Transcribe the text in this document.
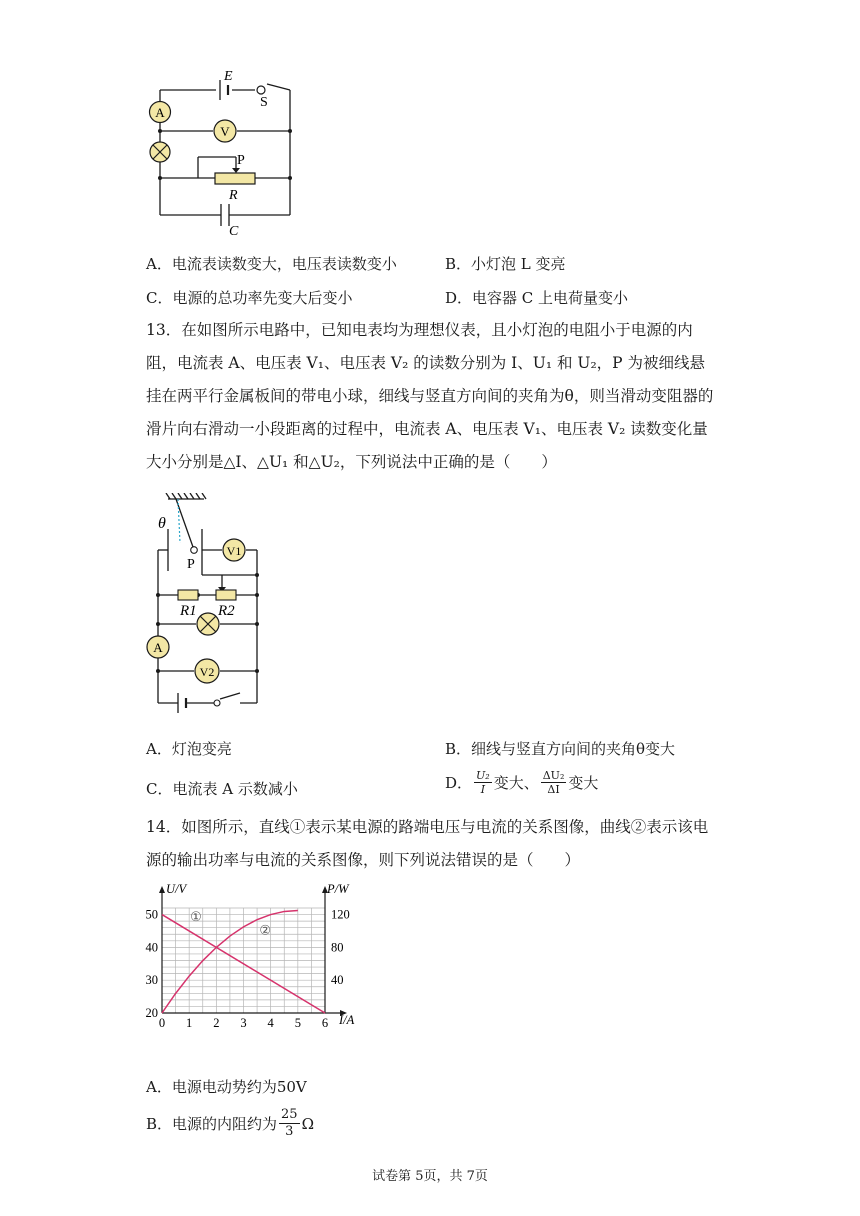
A
V
E
S
P
R
C
A．电流表读数变大，电压表读数变小	B．小灯泡 L 变亮
C．电源的总功率先变大后变小	D．电容器 C 上电荷量变小
13．在如图所示电路中，已知电表均为理想仪表，且小灯泡的电阻小于电源的内阻，电流表 A、电压表 V₁、电压表 V₂ 的读数分别为 I、U₁ 和 U₂，P 为被细线悬挂在两平行金属板间的带电小球，细线与竖直方向间的夹角为θ，则当滑动变阻器的滑片向右滑动一小段距离的过程中，电流表 A、电压表 V₁、电压表 V₂ 读数变化量大小分别是△I、△U₁ 和△U₂，下列说法中正确的是（　　）
V1
A
V2
θ
P
R1 R2
A．灯泡变亮	B．细线与竖直方向间的夹角θ变大
C．电流表 A 示数减小	D． $\frac{\text{U₂}}{I}$ 变大、 $\frac{\text{ΔU₂}}{\Delta I}$ 变大
14．如图所示，直线①表示某电源的路端电压与电流的关系图像，曲线②表示该电源的输出功率与电流的关系图像，则下列说法错误的是（　　）
0 1 2 3 4 5 6
20
30
40
50
40
80
120
①
②
U/V	P/W
I/A
A．电源电动势约为50V
B．电源的内阻约为 $\frac{25}{3}$ Ω
试卷第 5页，共 7页
